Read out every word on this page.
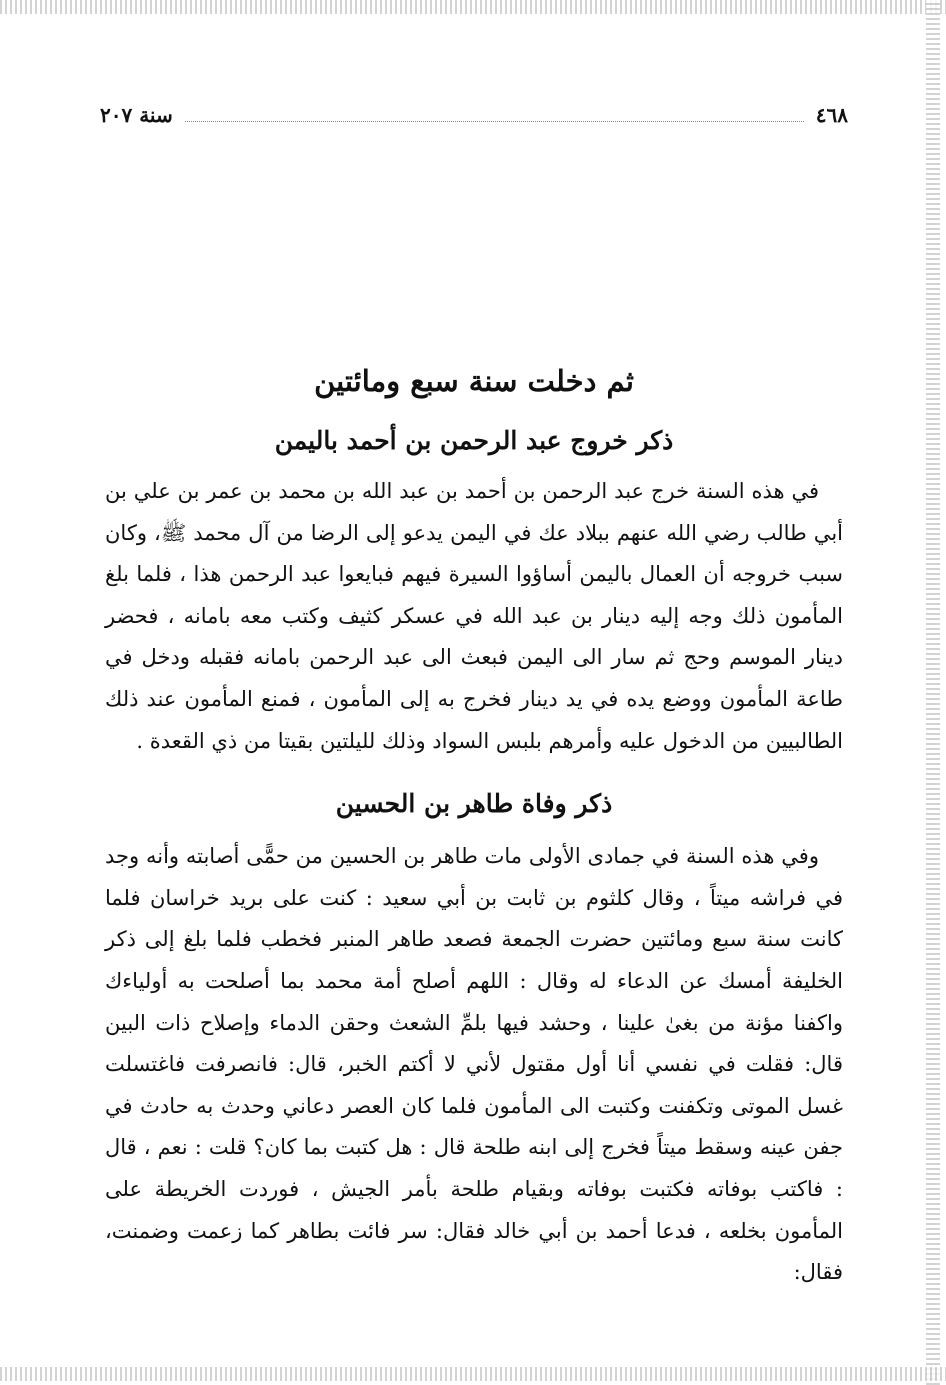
٤٦٨
سنة ٢٠٧
ثم دخلت سنة سبع ومائتين
ذكر خروج عبد الرحمن بن أحمد باليمن

في هذه السنة خرج عبد الرحمن بن أحمد بن عبد الله بن محمد بن عمر بن علي بن أبي طالب رضي الله عنهم ببلاد عك في اليمن يدعو إلى الرضا من آل محمد ﷺ، وكان سبب خروجه أن العمال باليمن أساؤوا السيرة فيهم فبايعوا عبد الرحمن هذا ، فلما بلغ المأمون ذلك وجه إليه دينار بن عبد الله في عسكر كثيف وكتب معه بامانه ، فحضر دينار الموسم وحج ثم سار الى اليمن فبعث الى عبد الرحمن بامانه فقبله ودخل في طاعة المأمون ووضع يده في يد دينار فخرج به إلى المأمون ، فمنع المأمون عند ذلك الطالبيين من الدخول عليه وأمرهم بلبس السواد وذلك لليلتين بقيتا من ذي القعدة .

ذكر وفاة طاهر بن الحسين

وفي هذه السنة في جمادى الأولى مات طاهر بن الحسين من حمًّى أصابته وأنه وجد في فراشه ميتاً ، وقال كلثوم بن ثابت بن أبي سعيد : كنت على بريد خراسان فلما كانت سنة سبع ومائتين حضرت الجمعة فصعد طاهر المنبر فخطب فلما بلغ إلى ذكر الخليفة أمسك عن الدعاء له وقال : اللهم أصلح أمة محمد بما أصلحت به أولياءك واكفنا مؤنة من بغىٰ علينا ، وحشد فيها بلمِّ الشعث وحقن الدماء وإصلاح ذات البين قال: فقلت في نفسي أنا أول مقتول لأني لا أكتم الخبر، قال: فانصرفت فاغتسلت غسل الموتى وتكفنت وكتبت الى المأمون فلما كان العصر دعاني وحدث به حادث في جفن عينه وسقط ميتاً فخرج إلى ابنه طلحة قال : هل كتبت بما كان؟ قلت : نعم ، قال : فاكتب بوفاته فكتبت بوفاته وبقيام طلحة بأمر الجيش ، فوردت الخريطة على المأمون بخلعه ، فدعا أحمد بن أبي خالد فقال: سر فائت بطاهر كما زعمت وضمنت، فقال:
